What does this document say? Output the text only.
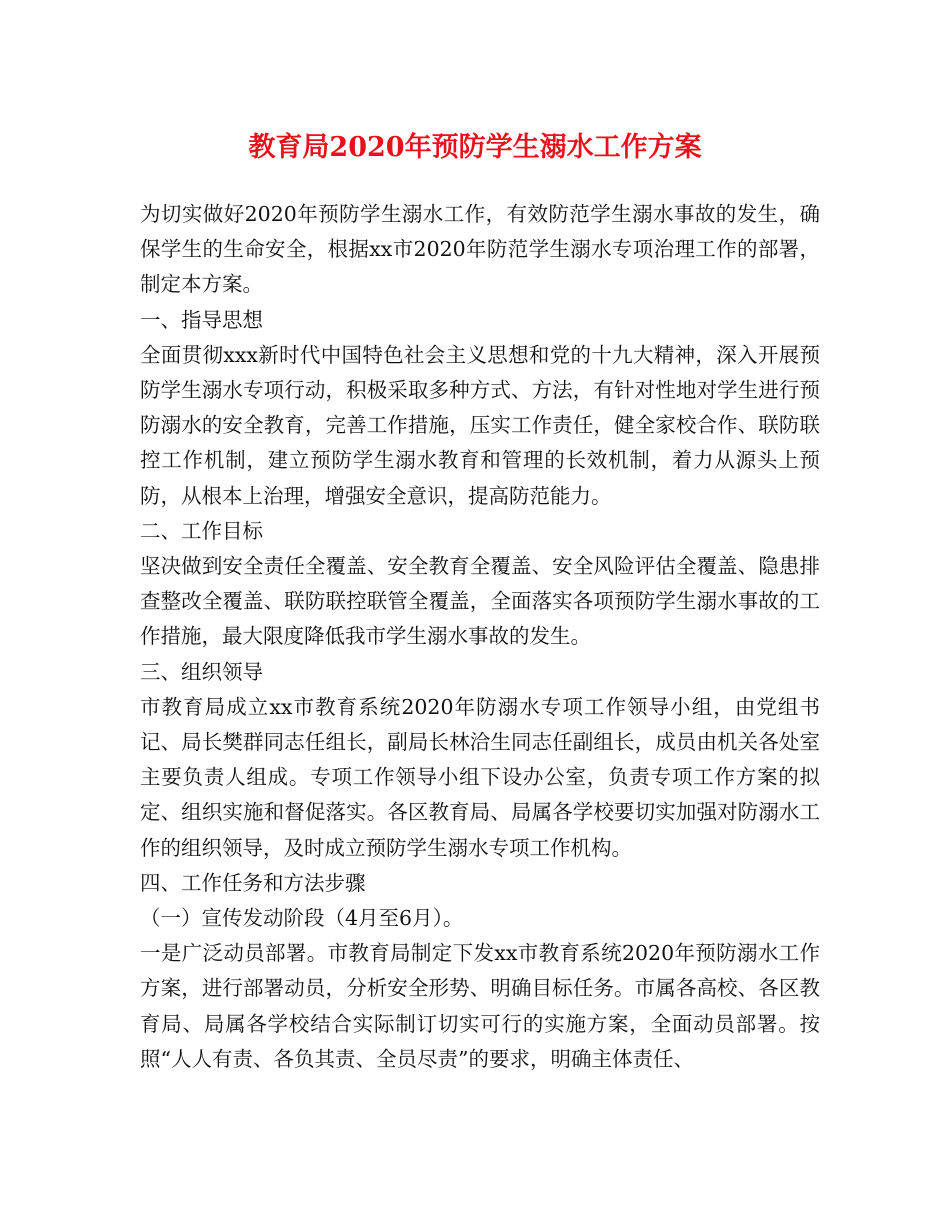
教育局2020年预防学生溺水工作方案

为切实做好2020年预防学生溺水工作，有效防范学生溺水事故的发生，确保学生的生命安全，根据xx市2020年防范学生溺水专项治理工作的部署，制定本方案。

一、指导思想

全面贯彻xxx新时代中国特色社会主义思想和党的十九大精神，深入开展预防学生溺水专项行动，积极采取多种方式、方法，有针对性地对学生进行预防溺水的安全教育，完善工作措施，压实工作责任，健全家校合作、联防联控工作机制，建立预防学生溺水教育和管理的长效机制，着力从源头上预防，从根本上治理，增强安全意识，提高防范能力。

二、工作目标

坚决做到安全责任全覆盖、安全教育全覆盖、安全风险评估全覆盖、隐患排查整改全覆盖、联防联控联管全覆盖，全面落实各项预防学生溺水事故的工作措施，最大限度降低我市学生溺水事故的发生。

三、组织领导

市教育局成立xx市教育系统2020年防溺水专项工作领导小组，由党组书记、局长樊群同志任组长，副局长林洽生同志任副组长，成员由机关各处室主要负责人组成。专项工作领导小组下设办公室，负责专项工作方案的拟定、组织实施和督促落实。各区教育局、局属各学校要切实加强对防溺水工作的组织领导，及时成立预防学生溺水专项工作机构。

四、工作任务和方法步骤

（一）宣传发动阶段（4月至6月）。

一是广泛动员部署。市教育局制定下发xx市教育系统2020年预防溺水工作方案，进行部署动员，分析安全形势、明确目标任务。市属各高校、各区教育局、局属各学校结合实际制订切实可行的实施方案，全面动员部署。按照“人人有责、各负其责、全员尽责”的要求，明确主体责任、
